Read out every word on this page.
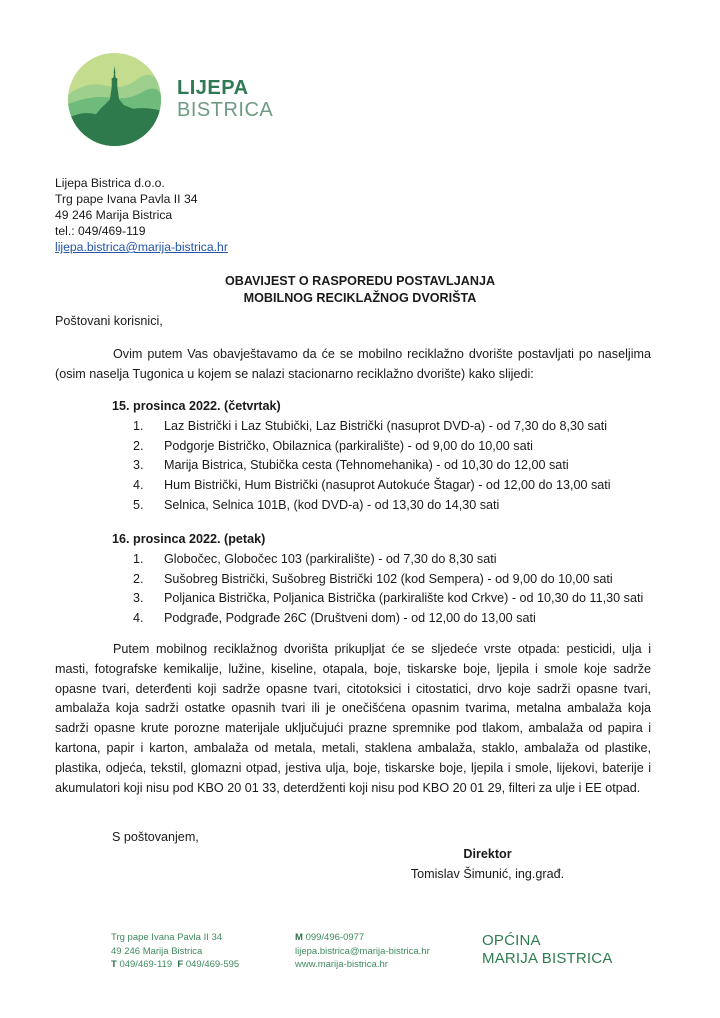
LIJEPA
BISTRICA
Lijepa Bistrica d.o.o.
Trg pape Ivana Pavla II 34
49 246 Marija Bistrica
tel.: 049/469-119
lijepa.bistrica@marija-bistrica.hr
OBAVIJEST O RASPOREDU POSTAVLJANJA
MOBILNOG RECIKLAŽNOG DVORIŠTA
Poštovani korisnici,
Ovim putem Vas obavještavamo da će se mobilno reciklažno dvorište postavljati po naseljima (osim naselja Tugonica u kojem se nalazi stacionarno reciklažno dvorište) kako slijedi:
15. prosinca 2022. (četvrtak)
1. Laz Bistrički i Laz Stubički, Laz Bistrički (nasuprot DVD-a) - od 7,30 do 8,30 sati
2. Podgorje Bistričko, Obilaznica (parkiralište) - od 9,00 do 10,00 sati
3. Marija Bistrica, Stubička cesta (Tehnomehanika) - od 10,30 do 12,00 sati
4. Hum Bistrički, Hum Bistrički (nasuprot Autokuće Štagar) - od 12,00 do 13,00 sati
5. Selnica, Selnica 101B, (kod DVD-a) - od 13,30 do 14,30 sati
16. prosinca 2022. (petak)
1. Globočec, Globočec 103 (parkiralište) - od 7,30 do 8,30 sati
2. Sušobreg Bistrički, Sušobreg Bistrički 102 (kod Sempera) - od 9,00 do 10,00 sati
3. Poljanica Bistrička, Poljanica Bistrička (parkiralište kod Crkve) - od 10,30 do 11,30 sati
4. Podgrađe, Podgrađe 26C (Društveni dom) - od 12,00 do 13,00 sati
Putem mobilnog reciklažnog dvorišta prikupljat će se sljedeće vrste otpada: pesticidi, ulja i masti, fotografske kemikalije, lužine, kiseline, otapala, boje, tiskarske boje, ljepila i smole koje sadrže opasne tvari, deterđenti koji sadrže opasne tvari, citotoksici i citostatici, drvo koje sadrži opasne tvari, ambalaža koja sadrži ostatke opasnih tvari ili je onečišćena opasnim tvarima, metalna ambalaža koja sadrži opasne krute porozne materijale uključujući prazne spremnike pod tlakom, ambalaža od papira i kartona, papir i karton, ambalaža od metala, metali, staklena ambalaža, staklo, ambalaža od plastike, plastika, odjeća, tekstil, glomazni otpad, jestiva ulja, boje, tiskarske boje, ljepila i smole, lijekovi, baterije i akumulatori koji nisu pod KBO 20 01 33, deterdženti koji nisu pod KBO 20 01 29, filteri za ulje i EE otpad.
S poštovanjem,
Direktor
Tomislav Šimunić, ing.građ.
Trg pape Ivana Pavla II 34
49 246 Marija Bistrica
T 049/469-119 F 049/469-595
M 099/496-0977
lijepa.bistrica@marija-bistrica.hr
www.marija-bistrica.hr
OPĆINA
MARIJA BISTRICA
